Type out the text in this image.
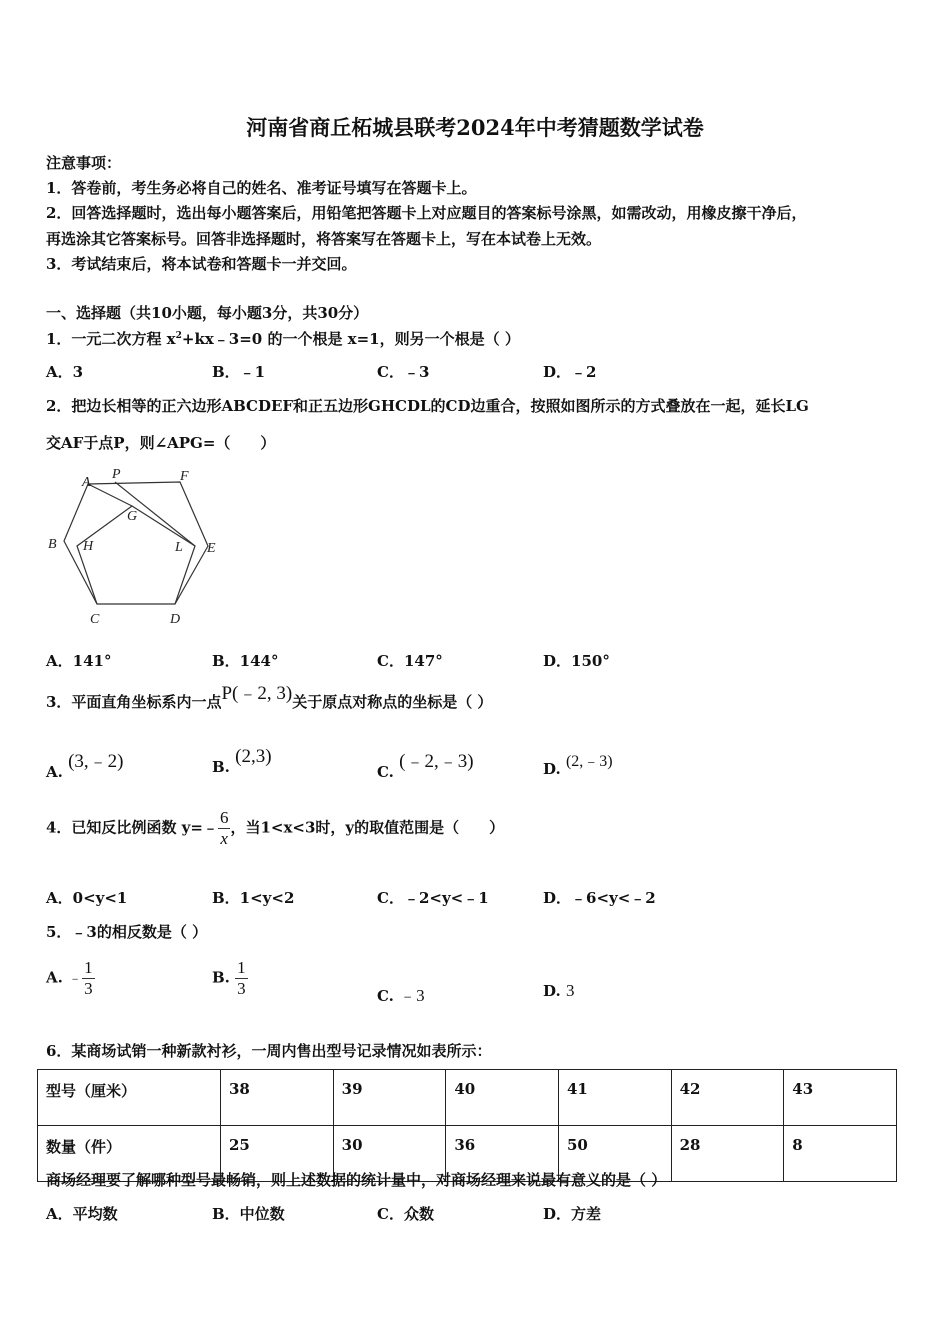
河南省商丘柘城县联考2024年中考猜题数学试卷
注意事项：
1．答卷前，考生务必将自己的姓名、准考证号填写在答题卡上。
2．回答选择题时，选出每小题答案后，用铅笔把答题卡上对应题目的答案标号涂黑，如需改动，用橡皮擦干净后，
再选涂其它答案标号。回答非选择题时，将答案写在答题卡上，写在本试卷上无效。
3．考试结束后，将本试卷和答题卡一并交回。
一、选择题（共10小题，每小题3分，共30分）
1．一元二次方程 $x^2+kx﹣3=0$ 的一个根是 x=1，则另一个根是（ ）
A．3	B．﹣1	C．﹣3	D．﹣2
2．把边长相等的正六边形ABCDEF和正五边形GHCDL的CD边重合，按照如图所示的方式叠放在一起，延长LG
交AF于点P，则∠APG=（　　）
A
P	F
G
B H	L E
C	D
A．141°	B．144°	C．147°	D．150°
3．平面直角坐标系内一点P(﹣2, 3)关于原点对称点的坐标是（ ）
A. (3,﹣2)	B. (2,3)
C. (﹣2,﹣3)	D. (2,﹣3)
4．已知反比例函数 y=﹣ $\frac{6}{x}$ ，当1<x<3时，y的取值范围是（　　）
A．0<y<1	B．1<y<2	C．﹣2<y<﹣1	D．﹣6<y<﹣2
5．﹣3的相反数是（ ）
A. ﹣ $\frac{1}{3}$	B. $\frac{1}{3}$	C. ﹣3	D. 3
6．某商场试销一种新款衬衫，一周内售出型号记录情况如表所示：
型号（厘米）	38	39	40	41	42	43
数量（件）	25	30	36	50	28	8
商场经理要了解哪种型号最畅销，则上述数据的统计量中，对商场经理来说最有意义的是（ ）
A．平均数	B．中位数	C．众数	D．方差
